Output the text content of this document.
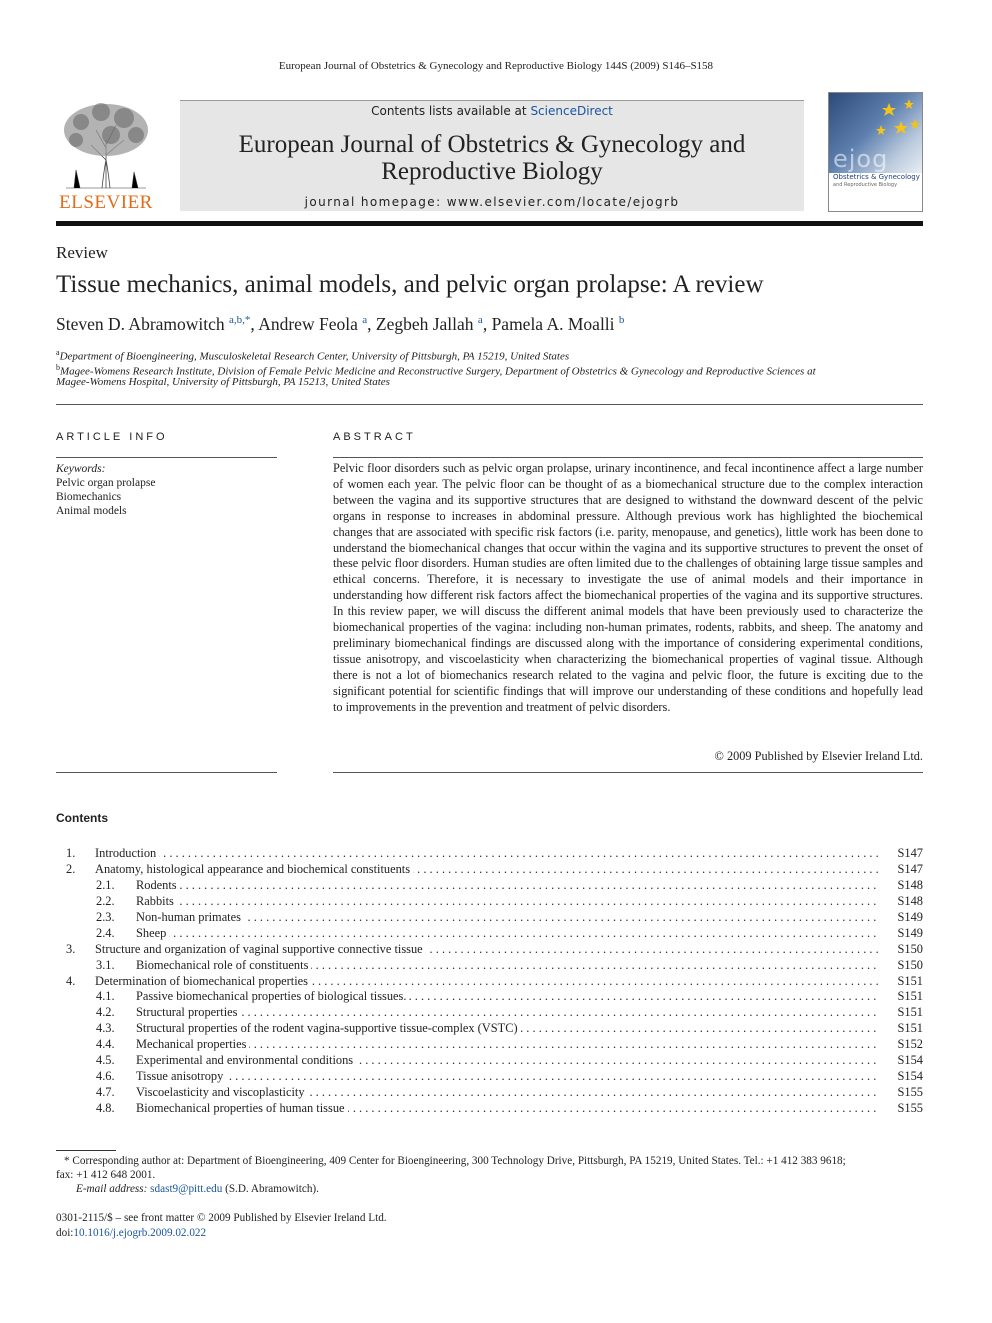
European Journal of Obstetrics & Gynecology and Reproductive Biology 144S (2009) S146–S158
ELSEVIER
Contents lists available at ScienceDirect
European Journal of Obstetrics & Gynecology and
Reproductive Biology
journal homepage: www.elsevier.com/locate/ejogrb
ejog
Obstetrics & Gynecology
and Reproductive Biology
Review
Tissue mechanics, animal models, and pelvic organ prolapse: A review
Steven D. Abramowitch $^{a,b,*}$, Andrew Feola $^a$, Zegbeh Jallah $^a$, Pamela A. Moalli $^b$
$^a$Department of Bioengineering, Musculoskeletal Research Center, University of Pittsburgh, PA 15219, United States
$^b$Magee-Womens Research Institute, Division of Female Pelvic Medicine and Reconstructive Surgery, Department of Obstetrics & Gynecology and Reproductive Sciences at
Magee-Womens Hospital, University of Pittsburgh, PA 15213, United States
ARTICLE INFO
Keywords:
Pelvic organ prolapse
Biomechanics
Animal models
ABSTRACT
Pelvic floor disorders such as pelvic organ prolapse, urinary incontinence, and fecal incontinence affect a large number of women each year. The pelvic floor can be thought of as a biomechanical structure due to the complex interaction between the vagina and its supportive structures that are designed to withstand the downward descent of the pelvic organs in response to increases in abdominal pressure. Although previous work has highlighted the biochemical changes that are associated with specific risk factors (i.e. parity, menopause, and genetics), little work has been done to understand the biomechanical changes that occur within the vagina and its supportive structures to prevent the onset of these pelvic floor disorders. Human studies are often limited due to the challenges of obtaining large tissue samples and ethical concerns. Therefore, it is necessary to investigate the use of animal models and their importance in understanding how different risk factors affect the biomechanical properties of the vagina and its supportive structures. In this review paper, we will discuss the different animal models that have been previously used to characterize the biomechanical properties of the vagina: including non-human primates, rodents, rabbits, and sheep. The anatomy and preliminary biomechanical findings are discussed along with the importance of considering experimental conditions, tissue anisotropy, and viscoelasticity when characterizing the biomechanical properties of vaginal tissue. Although there is not a lot of biomechanics research related to the vagina and pelvic floor, the future is exciting due to the significant potential for scientific findings that will improve our understanding of these conditions and hopefully lead to improvements in the prevention and treatment of pelvic disorders.
© 2009 Published by Elsevier Ireland Ltd.
Contents
1. Introduction . . .	S147
2. Anatomy, histological appearance and biochemical constituents . . .	S147
2.1. Rodents . . .	S148
2.2. Rabbits . . .	S148
2.3. Non-human primates . . .	S149
2.4. Sheep . . .	S149
3. Structure and organization of vaginal supportive connective tissue . . .	S150
3.1. Biomechanical role of constituents . . .	S150
4. Determination of biomechanical properties . . .	S151
4.1. Passive biomechanical properties of biological tissues. . . .	S151
4.2. Structural properties . . .	S151
4.3. Structural properties of the rodent vagina-supportive tissue-complex (VSTC) . . .	S151
4.4. Mechanical properties . . .	S152
4.5. Experimental and environmental conditions . . .	S154
4.6. Tissue anisotropy . . .	S154
4.7. Viscoelasticity and viscoplasticity . . .	S155
4.8. Biomechanical properties of human tissue . . .	S155
* Corresponding author at: Department of Bioengineering, 409 Center for Bioengineering, 300 Technology Drive, Pittsburgh, PA 15219, United States. Tel.: +1 412 383 9618;
fax: +1 412 648 2001.
E-mail address: sdast9@pitt.edu (S.D. Abramowitch).
0301-2115/$ – see front matter © 2009 Published by Elsevier Ireland Ltd.
doi:10.1016/j.ejogrb.2009.02.022
